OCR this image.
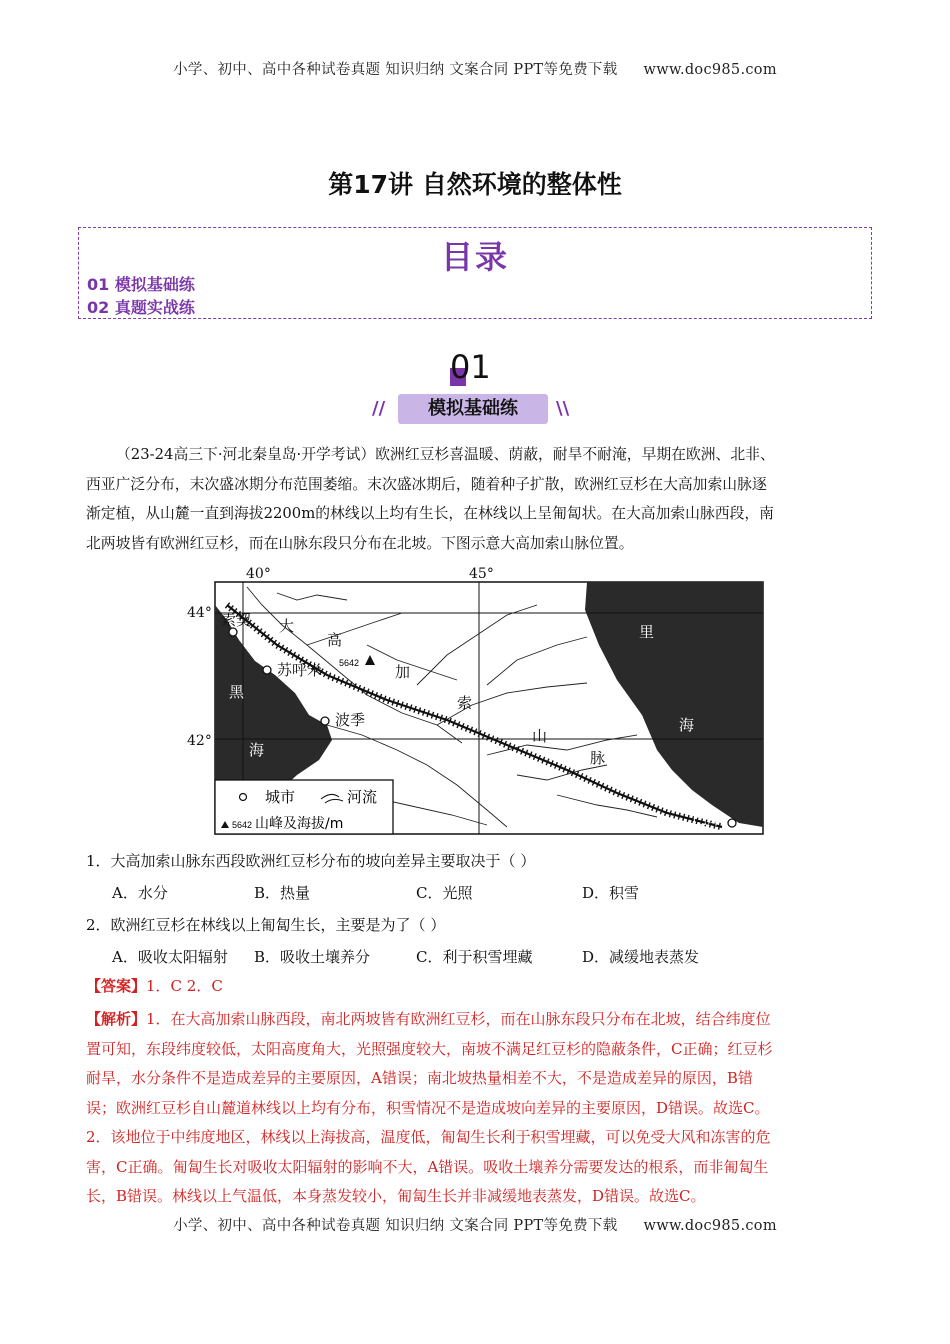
小学、初中、高中各种试卷真题 知识归纳 文案合同 PPT等免费下载 www.doc985.com
第17讲 自然环境的整体性
目录
01 模拟基础练
02 真题实战练
01
//	模拟基础练	\\
（23-24高三下·河北秦皇岛·开学考试）欧洲红豆杉喜温暖、荫蔽，耐旱不耐淹，早期在欧洲、北非、
西亚广泛分布，末次盛冰期分布范围萎缩。末次盛冰期后，随着种子扩散，欧洲红豆杉在大高加索山脉逐
渐定植，从山麓一直到海拔2200m的林线以上均有生长，在林线以上呈匍匐状。在大高加索山脉西段，南
北两坡皆有欧洲红豆杉，而在山脉东段只分布在北坡。下图示意大高加索山脉位置。
5642
索契
苏呼米
波季
巴库
大
高
加
索
山
脉
黑
海
里
海
40°	45°
44°
42°
城市	河流
5642 山峰及海拔/m
1．大高加索山脉东西段欧洲红豆杉分布的坡向差异主要取决于（ ）
A．水分	B．热量	C．光照	D．积雪
2．欧洲红豆杉在林线以上匍匐生长，主要是为了（ ）
A．吸收太阳辐射 B．吸收土壤养分	C．利于积雪埋藏	D．减缓地表蒸发
【答案】1．C 2．C
【解析】1．在大高加索山脉西段，南北两坡皆有欧洲红豆杉，而在山脉东段只分布在北坡，结合纬度位
置可知，东段纬度较低，太阳高度角大，光照强度较大，南坡不满足红豆杉的隐蔽条件，C正确；红豆杉
耐旱，水分条件不是造成差异的主要原因，A错误；南北坡热量相差不大，不是造成差异的原因，B错
误；欧洲红豆杉自山麓道林线以上均有分布，积雪情况不是造成坡向差异的主要原因，D错误。故选C。
2．该地位于中纬度地区，林线以上海拔高，温度低，匍匐生长利于积雪埋藏，可以免受大风和冻害的危
害，C正确。匍匐生长对吸收太阳辐射的影响不大，A错误。吸收土壤养分需要发达的根系，而非匍匐生
长，B错误。林线以上气温低，本身蒸发较小，匍匐生长并非减缓地表蒸发，D错误。故选C。
小学、初中、高中各种试卷真题 知识归纳 文案合同 PPT等免费下载 www.doc985.com
